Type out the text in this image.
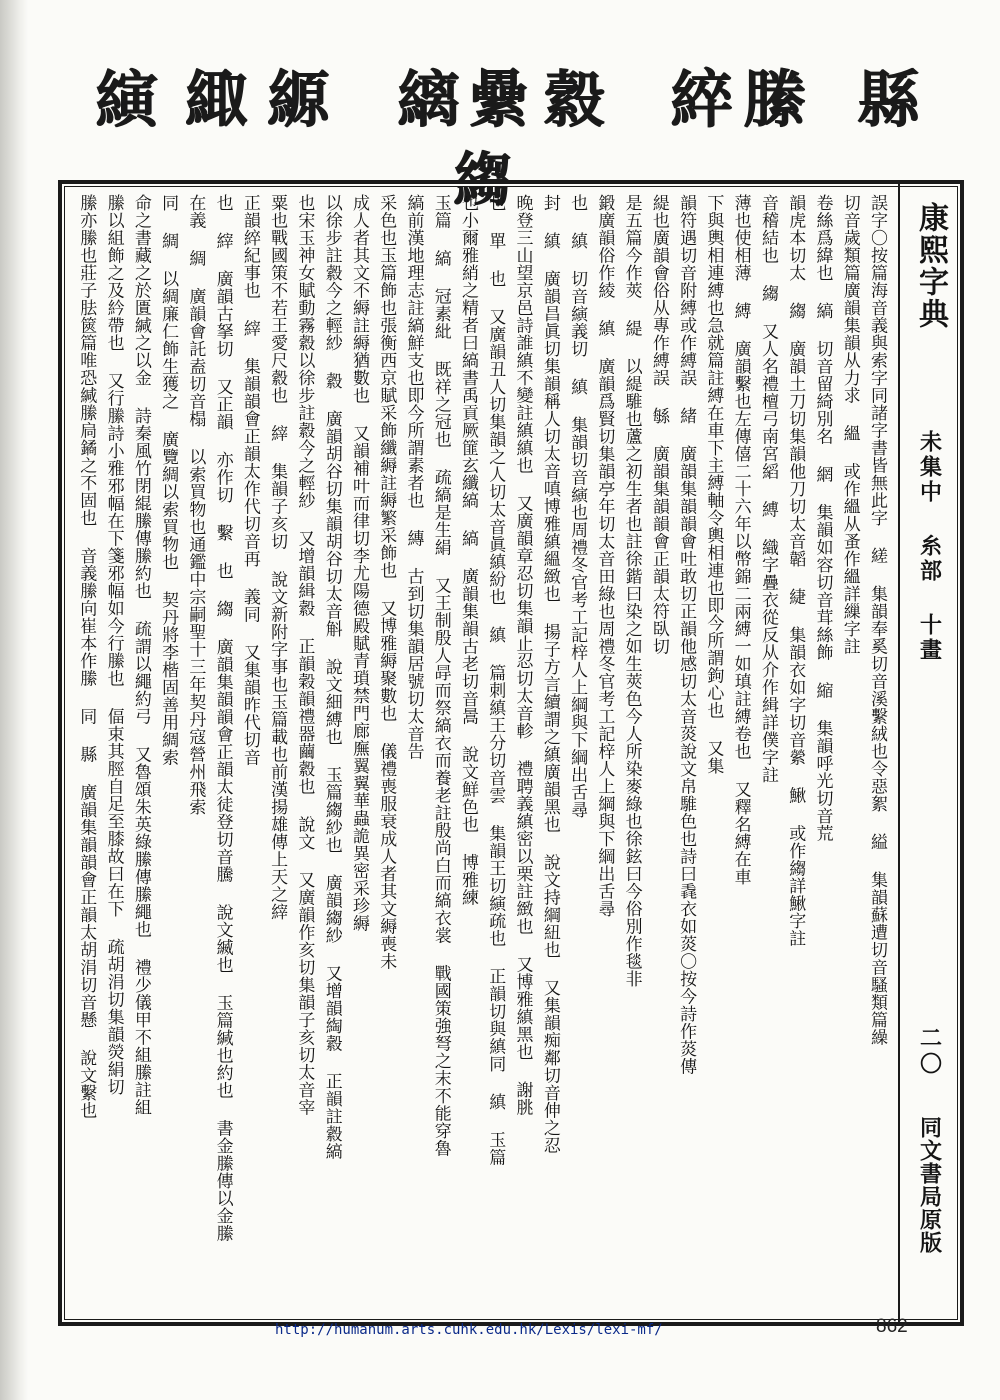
縣
縢
綷
縠
纍
縭
縓
緅
縯
縐
康熙字典
未集中 糸部 十畫
二〇
同文書局原版
誤字〇按篇海音義與索字同諸字書皆無此字 縒 集韻奉奚切音溪繫絨也令惡絮 縊 集韻蘇遭切音騷類篇繰
切音歲類篇廣韻集韻从力求 縕 或作縕从蚤作縕詳繅字註
卷絲爲緯也 縞 切音留綺別名 網 集韻如容切音茸絲飾 縮 集韻呼光切音荒
韻虎本切太 縐 廣韻土刀切集韻他刀切太音韜 緁 集韻衣如字切音縈 鰍 或作縐詳鰍字註
音稽結也 縐 又人名禮檀弓南宮縚 縛 織字疊衣從反从介作緝詳僕字註
薄也使相薄 縛 廣韻繫也左傳僖二十六年以幣錦二兩縛一如瑱註縛卷也 又釋名縛在車
下與輿相連縛也急就篇註縛在車下主縛軸令輿相連也即今所謂鉤心也 又集
韻符遇切音附縛或作縛誤 緒 廣韻集韻韻會吐敢切正韻他感切太音菼說文帛騅色也詩曰毳衣如菼〇按今詩作菼傳
緹也廣韻會俗从專作縛誤 緐 廣韻集韻韻會正韻太符臥切
是五篇今作莢 緹 以緹騅也蘆之初生者也註徐鍇曰染之如生莢色今人所染麥綠也徐鉉曰今俗別作毯非
鍛廣韻俗作綾 縝 廣韻爲賢切集韻亭年切太音田綠也周禮冬官考工記梓人上綱與下綱出舌尋
也 縝 切音縯義切 縝 集韻切音縯也周禮冬官考工記梓人上綱與下綱出舌尋
封 縝 廣韻昌眞切集韻稱人切太音嗔博雅縝縕緻也 揚子方言續謂之縝廣韻黑也 說文持綱紐也 又集韻痴鄰切音伸之忍
晚登三山望京邑詩誰縝不變註縝縝也 又廣韻章忍切集韻止忍切太音軫 禮聘義縝密以栗註緻也 又博雅縝黑也 謝朓
也 單 也 又廣韻丑人切集韻之人切太音眞縝紛也 縝 篇刺縝王分切音雲 集韻王切縯疏也 正韻切與縝同 縝 玉篇
也小爾雅綃之精者曰縞書禹貢厥篚玄纖縞 縞 廣韻集韻古老切音暠 說文鮮色也 博雅練
玉篇 縞 冠素紕 既祥之冠也 疏縞是生絹 又王制殷人冔而祭縞衣而養老註殷尚白而縞衣裳 戰國策強弩之末不能穿魯
縞前漢地理志註縞鮮支也即今所謂素者也 縳 古到切集韻居號切太音告
采色也玉篇飾也張衡西京賦采飾纖縟註縟繁采飾也 又博雅縟聚數也 儀禮喪服衰成人者其文縟喪未
成人者其文不縟註縟猶數也 又韻補叶而律切李尤陽德殿賦青瑣禁門廊廡翼翼華蟲詭異密采珍縟
以徐步註縠今之輕紗 縠 廣韻胡谷切集韻胡谷切太音斛 說文細縛也 玉篇縐紗也 廣韻縐紗 又增韻綯縠 正韻註縠縞
也宋玉神女賦動霧縠以徐步註縠今之輕紗 又增韻緝縠 正韻穀韻禮器繭縠也 說文 又廣韻作亥切集韻子亥切太音宰
粟也戰國策不若王愛尺縠也 縡 集韻子亥切 說文新附字事也玉篇載也前漢揚雄傳上天之縡
正韻綷紀事也 縡 集韻韻會正韻太作代切音再 義同 又集韻昨代切音
也 縡 廣韻古拏切 又正韻 亦作切 繫 也 縐 廣韻集韻韻會正韻太徒登切音騰 說文縅也 玉篇緘也約也 書金縢傳以金縢
在義 綢 廣韻會託盍切音榻 以索買物也通鑑中宗嗣聖十三年契丹寇營州飛索
同 綢 以綢廉仁飾生獲之 廣覽綢以索買物也 契丹將李楷固善用綢索
命之書藏之於匱緘之以金 詩秦風竹閉緄縢傳縢約也 疏謂以繩約弓 又魯頌朱英綠縢傳縢繩也 禮少儀甲不組縢註組
縢以組飾之及紟帶也 又行縢詩小雅邪幅在下箋邪幅如今行縢也 偪束其脛自足至膝故曰在下 疏胡涓切集韻熒絹切
縢亦縢也莊子胠篋篇唯恐緘縢扃鐍之不固也 音義縢向崔本作縢 同 縣 廣韻集韻韻會正韻太胡涓切音懸 說文繫也
http://humanum.arts.cuhk.edu.hk/Lexis/lexi-mf/	862
